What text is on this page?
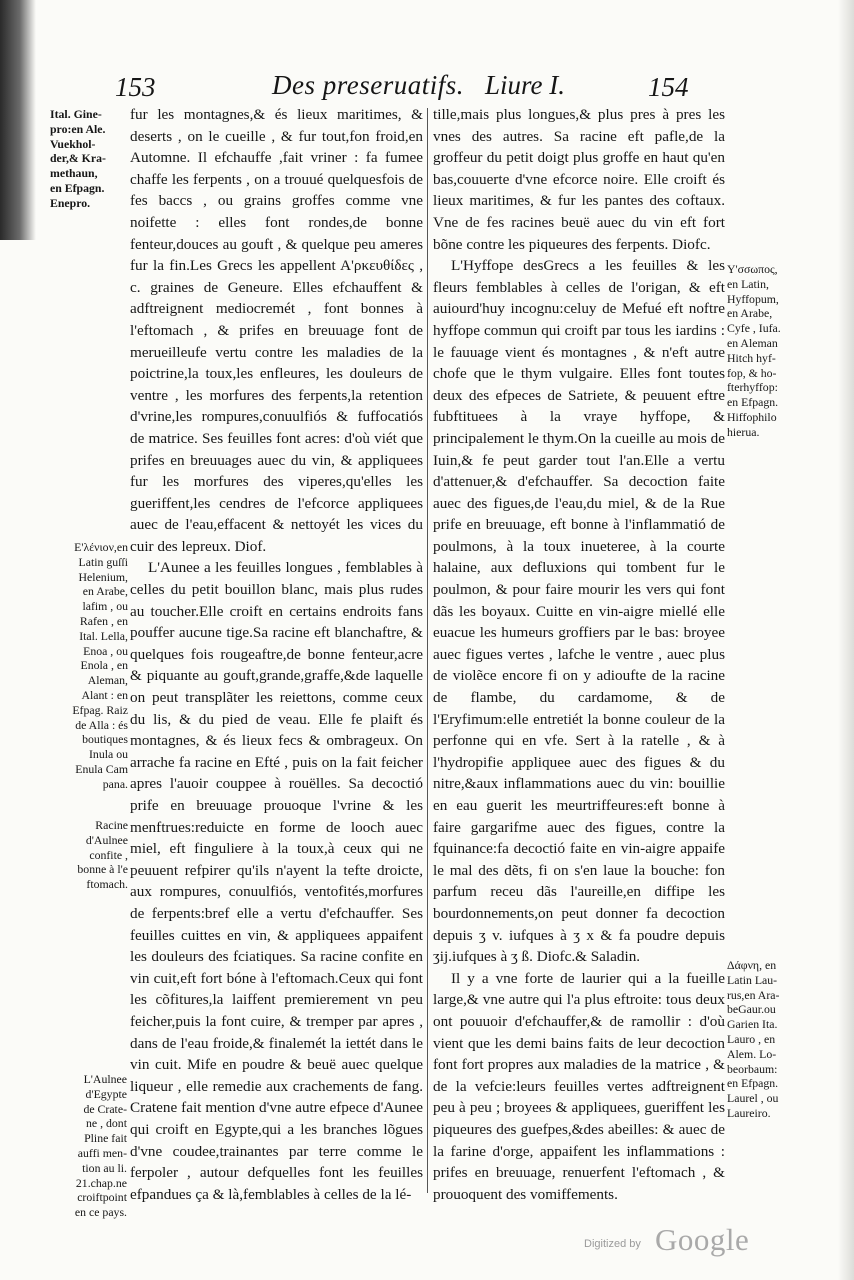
153	Des preseruatifs. Liure I.	154
Ital. Gine-
pro:en Ale.
Vuekhol-
der,& Kra-
methaun,
en Efpagn.
Enepro.
E'λένιον,en
Latin guſſi
Helenium,
en Arabe,
lafim , ou
Rafen , en
Ital. Lella,
Enoa , ou
Enola , en
Aleman,
Alant : en
Efpag. Raiz
de Alla : és
boutiques
Inula ou
Enula Cam
pana.
Racine
d'Aulnee
confite ,
bonne à l'e
ftomach.
L'Aulnee
d'Egypte
de Crate-
ne , dont
Pline fait
auffi men-
tion au li.
21.chap.ne
croiftpoint
en ce pays.

fur les montagnes,& és lieux maritimes, & deserts , on le cueille , & fur tout,fon froid,en Automne. Il efchauffe ,fait vriner : fa fumee chaffe les ferpents , on a trouué quelquesfois de fes baccs , ou grains groffes comme vne noifette : elles font rondes,de bonne fenteur,douces au gouft , & quelque peu ameres fur la fin.Les Grecs les appellent A'ρκευθίδες , c. graines de Geneure. Elles efchauffent & adftreignent mediocremét , font bonnes à l'eftomach , & prifes en breuuage font de merueilleufe vertu contre les maladies de la poictrine,la toux,les enfleures, les douleurs de ventre , les morfures des ferpents,la retention d'vrine,les rompures,conuulfiós & fuffocatiós de matrice. Ses feuilles font acres: d'où viét que prifes en breuuages auec du vin, & appliquees fur les morfures des viperes,qu'elles les gueriffent,les cendres de l'efcorce appliquees auec de l'eau,effacent & nettoyét les vices du cuir des lepreux. Diof.

L'Aunee a les feuilles longues , femblables à celles du petit bouillon blanc, mais plus rudes au toucher.Elle croift en certains endroits fans pouffer aucune tige.Sa racine eft blanchaftre, & quelques fois rougeaftre,de bonne fenteur,acre & piquante au gouft,grande,graffe,&de laquelle on peut transplãter les reiettons, comme ceux du lis, & du pied de veau. Elle fe plaift és montagnes, & és lieux fecs & ombrageux. On arrache fa racine en Efté , puis on la fait feicher apres l'auoir couppee à rouëlles. Sa decoctió prife en breuuage prouoque l'vrine & les menftrues:reduicte en forme de looch auec miel, eft finguliere à la toux,à ceux qui ne peuuent refpirer qu'ils n'ayent la tefte droicte, aux rompures, conuulfiós, ventofités,morfures de ferpents:bref elle a vertu d'efchauffer. Ses feuilles cuittes en vin, & appliquees appaifent les douleurs des fciatiques. Sa racine confite en vin cuit,eft fort bóne à l'eftomach.Ceux qui font les cõfitures,la laiffent premierement vn peu feicher,puis la font cuire, & tremper par apres , dans de l'eau froide,& finalemét la iettét dans le vin cuit. Mife en poudre & beuë auec quelque liqueur , elle remedie aux crachements de fang. Cratene fait mention d'vne autre efpece d'Aunee qui croift en Egypte,qui a les branches lõgues d'vne coudee,trainantes par terre comme le ferpoler , autour defquelles font les feuilles efpandues ça & là,femblables à celles de la lé-

tille,mais plus longues,& plus pres à pres les vnes des autres. Sa racine eft pafle,de la groffeur du petit doigt plus groffe en haut qu'en bas,couuerte d'vne efcorce noire. Elle croift és lieux maritimes, & fur les pantes des coftaux. Vne de fes racines beuë auec du vin eft fort bõne contre les piqueures des ferpents. Diofc.

L'Hyffope desGrecs a les feuilles & les fleurs femblables à celles de l'origan, & eft auiourd'huy incognu:celuy de Mefué eft noftre hyffope commun qui croift par tous les iardins : le fauuage vient és montagnes , & n'eft autre chofe que le thym vulgaire. Elles font toutes deux des efpeces de Satriete, & peuuent eftre fubftituees à la vraye hyffope, & principalement le thym.On la cueille au mois de Iuin,& fe peut garder tout l'an.Elle a vertu d'attenuer,& d'efchauffer. Sa decoction faite auec des figues,de l'eau,du miel, & de la Rue prife en breuuage, eft bonne à l'inflammatió de poulmons, à la toux inueteree, à la courte halaine, aux defluxions qui tombent fur le poulmon, & pour faire mourir les vers qui font dãs les boyaux. Cuitte en vin-aigre miellé elle euacue les humeurs groffiers par le bas: broyee auec figues vertes , lafche le ventre , auec plus de violẽce encore fi on y adioufte de la racine de flambe, du cardamome, & de l'Eryfimum:elle entretiét la bonne couleur de la perfonne qui en vfe. Sert à la ratelle , & à l'hydropifie appliquee auec des figues & du nitre,&aux inflammations auec du vin: bouillie en eau guerit les meurtriffeures:eft bonne à faire gargarifme auec des figues, contre la fquinance:fa decoctió faite en vin-aigre appaife le mal des dẽts, fi on s'en laue la bouche: fon parfum receu dãs l'aureille,en diffipe les bourdonnements,on peut donner fa decoction depuis ʒ v. iufques à ʒ x & fa poudre depuis ʒij.iufques à ʒ ß. Diofc.& Saladin.

Il y a vne forte de laurier qui a la fueille large,& vne autre qui l'a plus eftroite: tous deux ont pouuoir d'efchauffer,& de ramollir : d'où vient que les demi bains faits de leur decoction font fort propres aux maladies de la matrice , & de la vefcie:leurs feuilles vertes adftreignent peu à peu ; broyees & appliquees, gueriffent les piqueures des guefpes,&des abeilles: & auec de la farine d'orge, appaifent les inflammations : prifes en breuuage, renuerfent l'eftomach , & prouoquent des vomiffements.

Υ'σσωπος,
en Latin,
Hyffopum,
en Arabe,
Cyfe , Iufa.
en Aleman
Hitch hyf-
fop, & ho-
fterhyffop:
en Efpagn.
Hiffophilo
hierua.
Δάφνη, en
Latin Lau-
rus,en Ara-
beGaur.ou
Garien Ita.
Lauro , en
Alem. Lo-
beorbaum:
en Efpagn.
Laurel , ou
Laureiro.
Digitized by Google
